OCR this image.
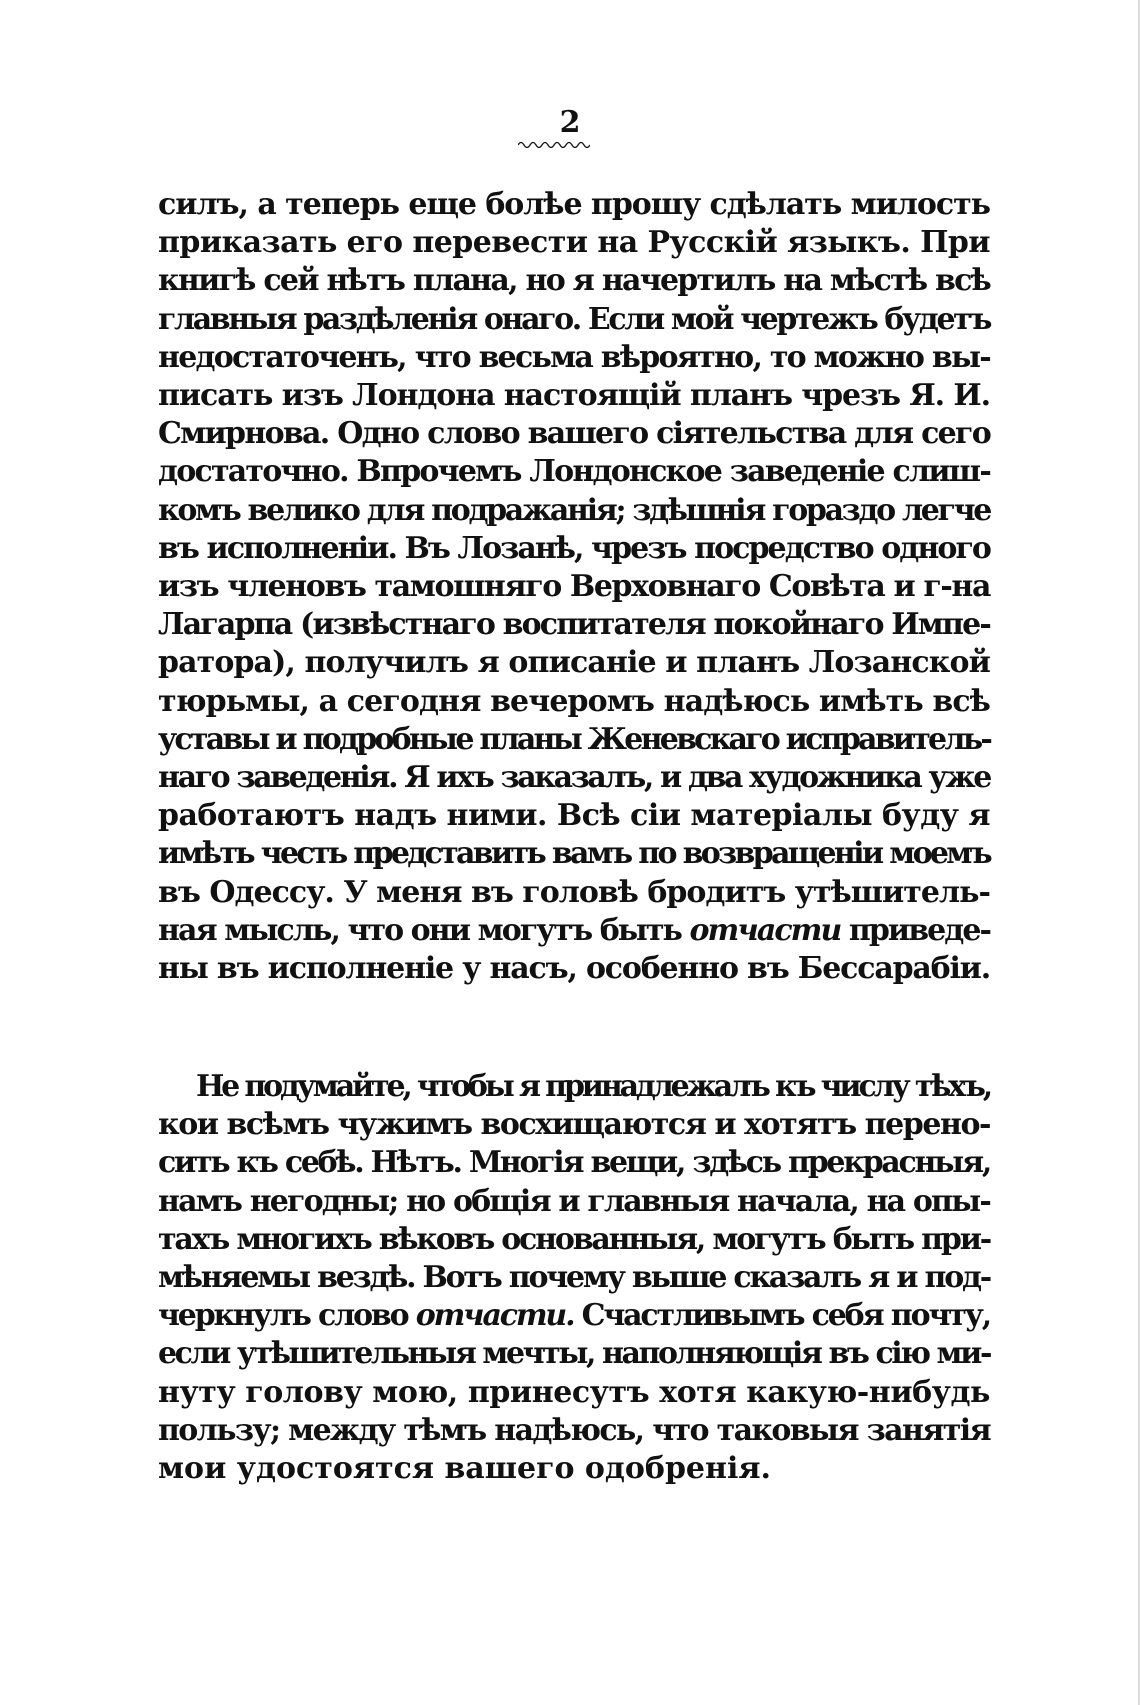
2
силъ, а теперь еще болѣе прошу сдѣлать милость
приказать его перевести на Русскій языкъ. При
книгѣ сей нѣтъ плана, но я начертилъ на мѣстѣ всѣ
главныя раздѣленія онаго. Если мой чертежъ будетъ
недостаточенъ, что весьма вѣроятно, то можно вы-
писать изъ Лондона настоящій планъ чрезъ Я. И.
Смирнова. Одно слово вашего сіятельства для сего
достаточно. Впрочемъ Лондонское заведеніе слиш-
комъ велико для подражанія; здѣшнія гораздо легче
въ исполненіи. Въ Лозанѣ, чрезъ посредство одного
изъ членовъ тамошняго Верховнаго Совѣта и г-на
Лагарпа (извѣстнаго воспитателя покойнаго Импе-
ратора), получилъ я описаніе и планъ Лозанской
тюрьмы, а сегодня вечеромъ надѣюсь имѣть всѣ
уставы и подробные планы Женевскаго исправитель-
наго заведенія. Я ихъ заказалъ, и два художника уже
работаютъ надъ ними. Всѣ сіи матеріалы буду я
имѣть честь представить вамъ по возвращеніи моемъ
въ Одессу. У меня въ головѣ бродитъ утѣшитель-
ная мысль, что они могутъ быть отчасти приведе-
ны въ исполненіе у насъ, особенно въ Бессарабіи.
Не подумайте, чтобы я принадлежалъ къ числу тѣхъ,
кои всѣмъ чужимъ восхищаются и хотятъ перено-
сить къ себѣ. Нѣтъ. Многія вещи, здѣсь прекрасныя,
намъ негодны; но общія и главныя начала, на опы-
тахъ многихъ вѣковъ основанныя, могутъ быть при-
мѣняемы вездѣ. Вотъ почему выше сказалъ я и под-
черкнулъ слово отчасти. Счастливымъ себя почту,
если утѣшительныя мечты, наполняющія въ сію ми-
нуту голову мою, принесутъ хотя какую-нибудь
пользу; между тѣмъ надѣюсь, что таковыя занятія
мои удостоятся вашего одобренія.
